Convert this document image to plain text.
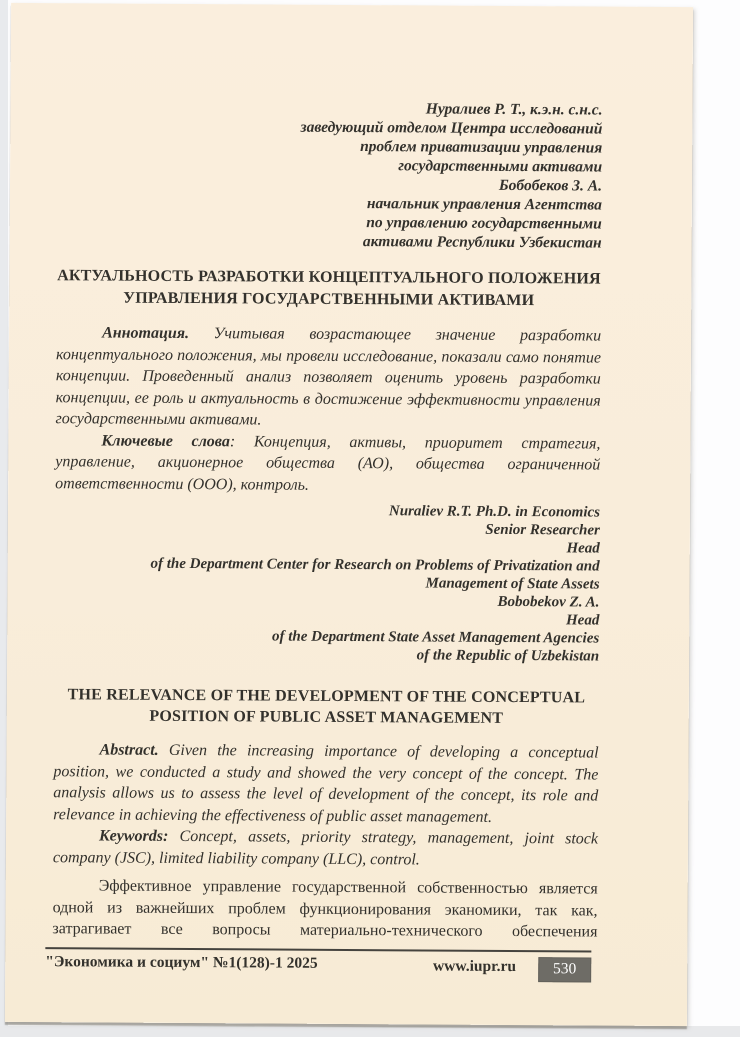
Нуралиев Р. Т., к.э.н. с.н.с.
заведующий отделом Центра исследований
проблем приватизации управления
государственными активами
Бобобеков З. А.
начальник управления Агентства
по управлению государственными
активами Республики Узбекистан
АКТУАЛЬНОСТЬ РАЗРАБОТКИ КОНЦЕПТУАЛЬНОГО ПОЛОЖЕНИЯ УПРАВЛЕНИЯ ГОСУДАРСТВЕННЫМИ АКТИВАМИ

Аннотация. Учитывая возрастающее значение разработки концептуального положения, мы провели исследование, показали само понятие концепции. Проведенный анализ позволяет оценить уровень разработки концепции, ее роль и актуальность в достижение эффективности управления государственными активами.

Ключевые слова: Концепция, активы, приоритет стратегия, управление, акционерное общества (АО), общества ограниченной ответственности (ООО), контроль.

Nuraliev R.T. Ph.D. in Economics
Senior Researcher
Head
of the Department Center for Research on Problems of Privatization and
Management of State Assets
Bobobekov Z. A.
Head
of the Department State Asset Management Agencies
of the Republic of Uzbekistan
THE RELEVANCE OF THE DEVELOPMENT OF THE CONCEPTUAL POSITION OF PUBLIC ASSET MANAGEMENT

Abstract. Given the increasing importance of developing a conceptual position, we conducted a study and showed the very concept of the concept. The analysis allows us to assess the level of development of the concept, its role and relevance in achieving the effectiveness of public asset management.

Keywords: Concept, assets, priority strategy, management, joint stock company (JSC), limited liability company (LLC), control.

Эффективное управление государственной собственностью является одной из важнейших проблем функционирования эканомики, так как, затрагивает все вопросы материально-технического обеспечения

"Экономика и социум" №1(128)-1 2025	www.iupr.ru	530
